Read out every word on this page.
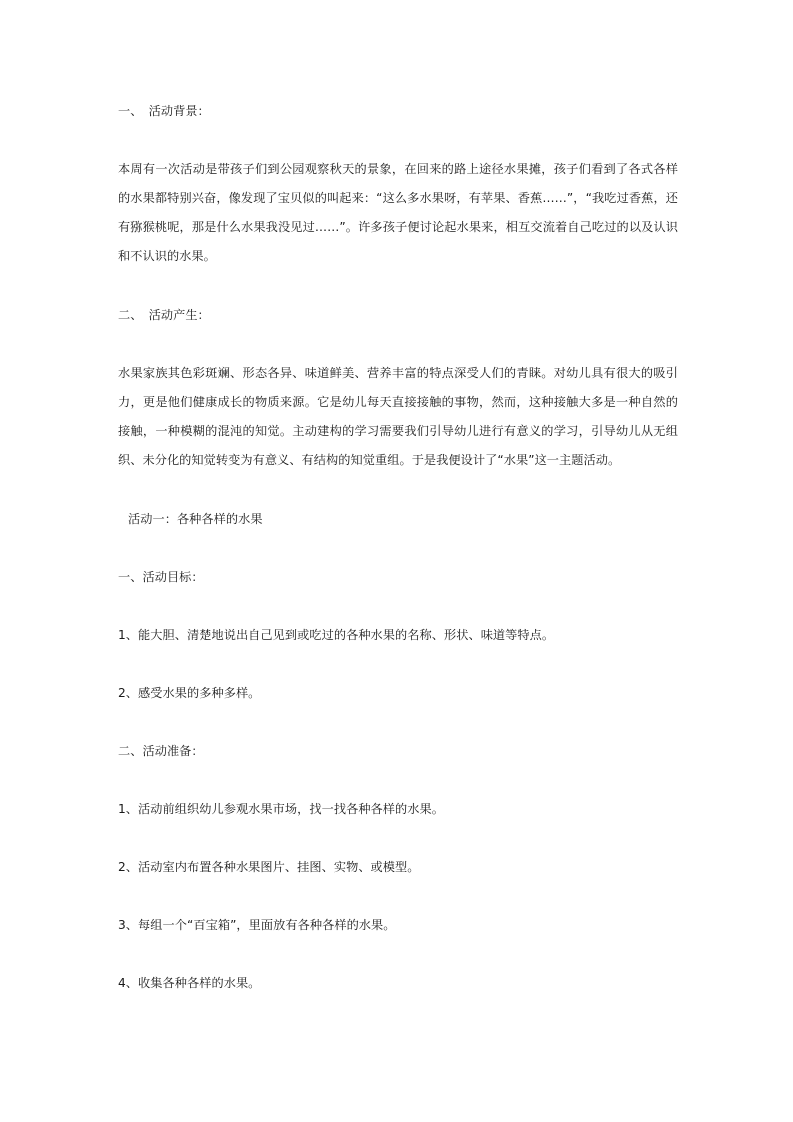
一、　活动背景：
本周有一次活动是带孩子们到公园观察秋天的景象，在回来的路上途径水果摊，孩子们看到了各式各样的水果都特别兴奋，像发现了宝贝似的叫起来：“这么多水果呀，有苹果、香蕉……”，“我吃过香蕉，还有猕猴桃呢，那是什么水果我没见过……”。许多孩子便讨论起水果来，相互交流着自己吃过的以及认识和不认识的水果。
二、　活动产生：
水果家族其色彩斑斓、形态各异、味道鲜美、营养丰富的特点深受人们的青睐。对幼儿具有很大的吸引力，更是他们健康成长的物质来源。它是幼儿每天直接接触的事物，然而，这种接触大多是一种自然的接触，一种模糊的混沌的知觉。主动建构的学习需要我们引导幼儿进行有意义的学习，引导幼儿从无组织、未分化的知觉转变为有意义、有结构的知觉重组。于是我便设计了“水果”这一主题活动。
活动一：各种各样的水果
一、活动目标：
1、能大胆、清楚地说出自己见到或吃过的各种水果的名称、形状、味道等特点。
2、感受水果的多种多样。
二、活动准备：
1、活动前组织幼儿参观水果市场，找一找各种各样的水果。
2、活动室内布置各种水果图片、挂图、实物、或模型。
3、每组一个“百宝箱”，里面放有各种各样的水果。
4、收集各种各样的水果。
